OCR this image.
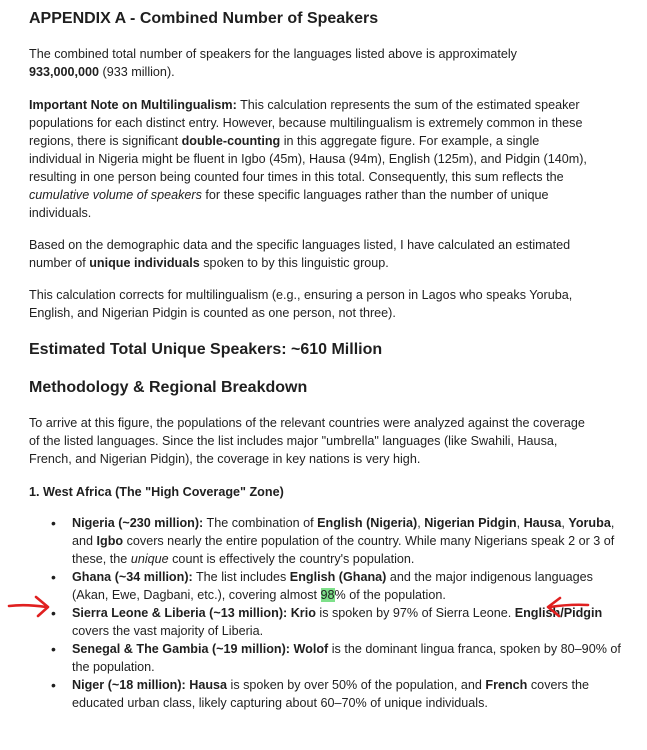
APPENDIX A - Combined Number of Speakers

The combined total number of speakers for the languages listed above is approximately 933,000,000 (933 million).

Important Note on Multilingualism: This calculation represents the sum of the estimated speaker populations for each distinct entry. However, because multilingualism is extremely common in these regions, there is significant double-counting in this aggregate figure. For example, a single individual in Nigeria might be fluent in Igbo (45m), Hausa (94m), English (125m), and Pidgin (140m), resulting in one person being counted four times in this total. Consequently, this sum reflects the cumulative volume of speakers for these specific languages rather than the number of unique individuals.

Based on the demographic data and the specific languages listed, I have calculated an estimated number of unique individuals spoken to by this linguistic group.

This calculation corrects for multilingualism (e.g., ensuring a person in Lagos who speaks Yoruba, English, and Nigerian Pidgin is counted as one person, not three).

Estimated Total Unique Speakers: ~610 Million
Methodology & Regional Breakdown

To arrive at this figure, the populations of the relevant countries were analyzed against the coverage of the listed languages. Since the list includes major "umbrella" languages (like Swahili, Hausa, French, and Nigerian Pidgin), the coverage in key nations is very high.

1. West Africa (The "High Coverage" Zone)
• Nigeria (~230 million): The combination of English (Nigeria), Nigerian Pidgin, Hausa, Yoruba, and Igbo covers nearly the entire population of the country. While many Nigerians speak 2 or 3 of these, the unique count is effectively the country's population.
• Ghana (~34 million): The list includes English (Ghana) and the major indigenous languages (Akan, Ewe, Dagbani, etc.), covering almost 98% of the population.
• Sierra Leone & Liberia (~13 million): Krio is spoken by 97% of Sierra Leone. English/Pidgin covers the vast majority of Liberia.
• Senegal & The Gambia (~19 million): Wolof is the dominant lingua franca, spoken by 80–90% of the population.
• Niger (~18 million): Hausa is spoken by over 50% of the population, and French covers the educated urban class, likely capturing about 60–70% of unique individuals.
